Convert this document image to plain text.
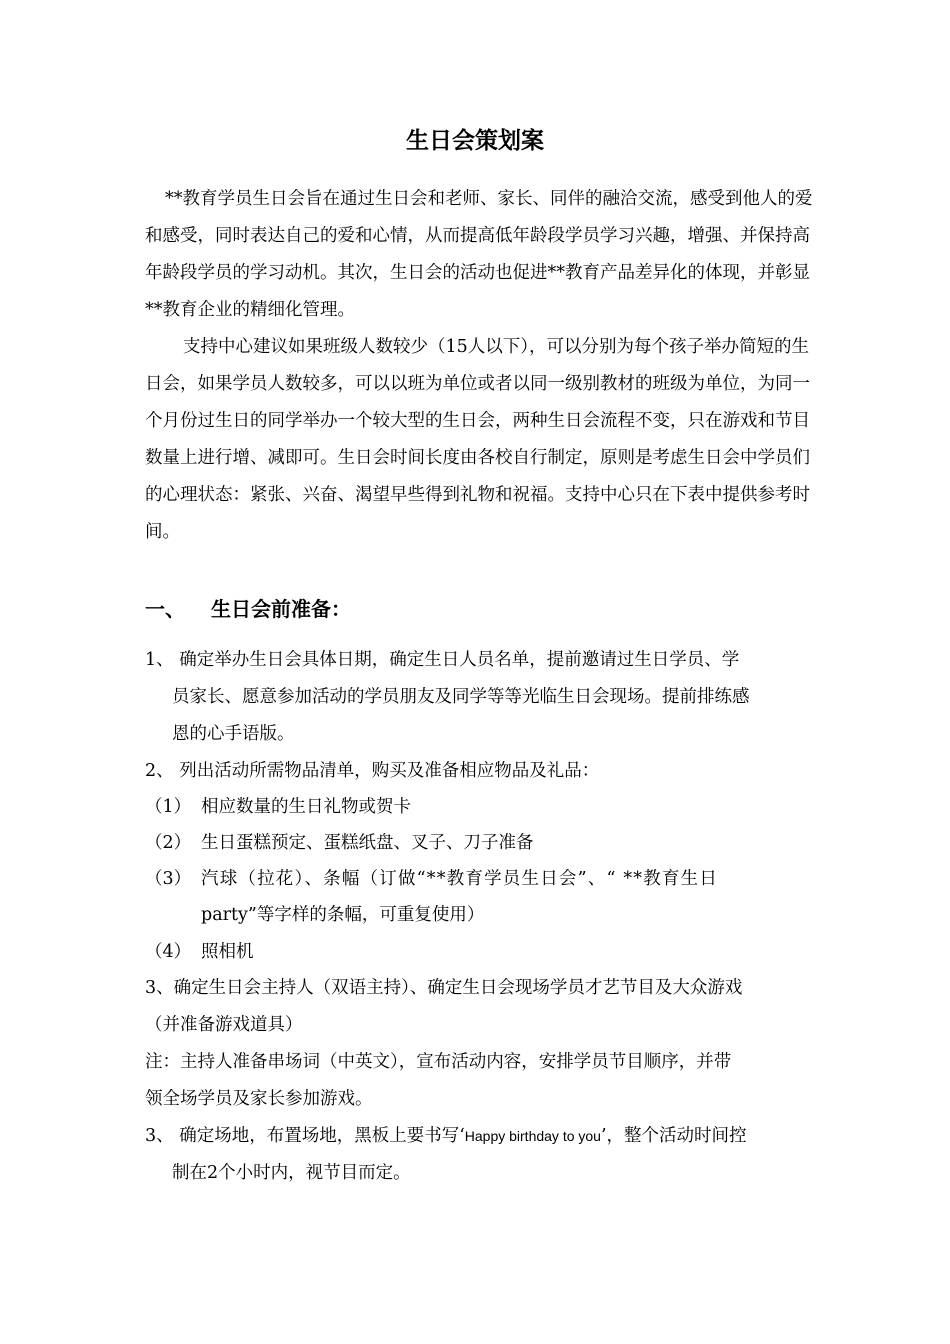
生日会策划案

**教育学员生日会旨在通过生日会和老师、家长、同伴的融洽交流，感受到他人的爱和感受，同时表达自己的爱和心情，从而提高低年龄段学员学习兴趣，增强、并保持高年龄段学员的学习动机。其次，生日会的活动也促进**教育产品差异化的体现，并彰显**教育企业的精细化管理。

支持中心建议如果班级人数较少（15人以下），可以分别为每个孩子举办简短的生日会，如果学员人数较多，可以以班为单位或者以同一级别教材的班级为单位，为同一个月份过生日的同学举办一个较大型的生日会，两种生日会流程不变，只在游戏和节目数量上进行增、减即可。生日会时间长度由各校自行制定，原则是考虑生日会中学员们的心理状态：紧张、兴奋、渴望早些得到礼物和祝福。支持中心只在下表中提供参考时间。

一、 生日会前准备：
1、 确定举办生日会具体日期，确定生日人员名单，提前邀请过生日学员、学
员家长、愿意参加活动的学员朋友及同学等等光临生日会现场。提前排练感
恩的心手语版。
2、 列出活动所需物品清单，购买及准备相应物品及礼品：
（1） 相应数量的生日礼物或贺卡
（2） 生日蛋糕预定、蛋糕纸盘、叉子、刀子准备
（3） 汽球（拉花）、条幅（订做“**教育学员生日会”、“ **教育生日
party”等字样的条幅，可重复使用）
（4） 照相机
3、确定生日会主持人（双语主持）、确定生日会现场学员才艺节目及大众游戏
（并准备游戏道具）
注：主持人准备串场词（中英文），宣布活动内容，安排学员节目顺序，并带
领全场学员及家长参加游戏。
3、 确定场地，布置场地，黑板上要书写‘Happy birthday to you’，整个活动时间控
制在2个小时内，视节目而定。
